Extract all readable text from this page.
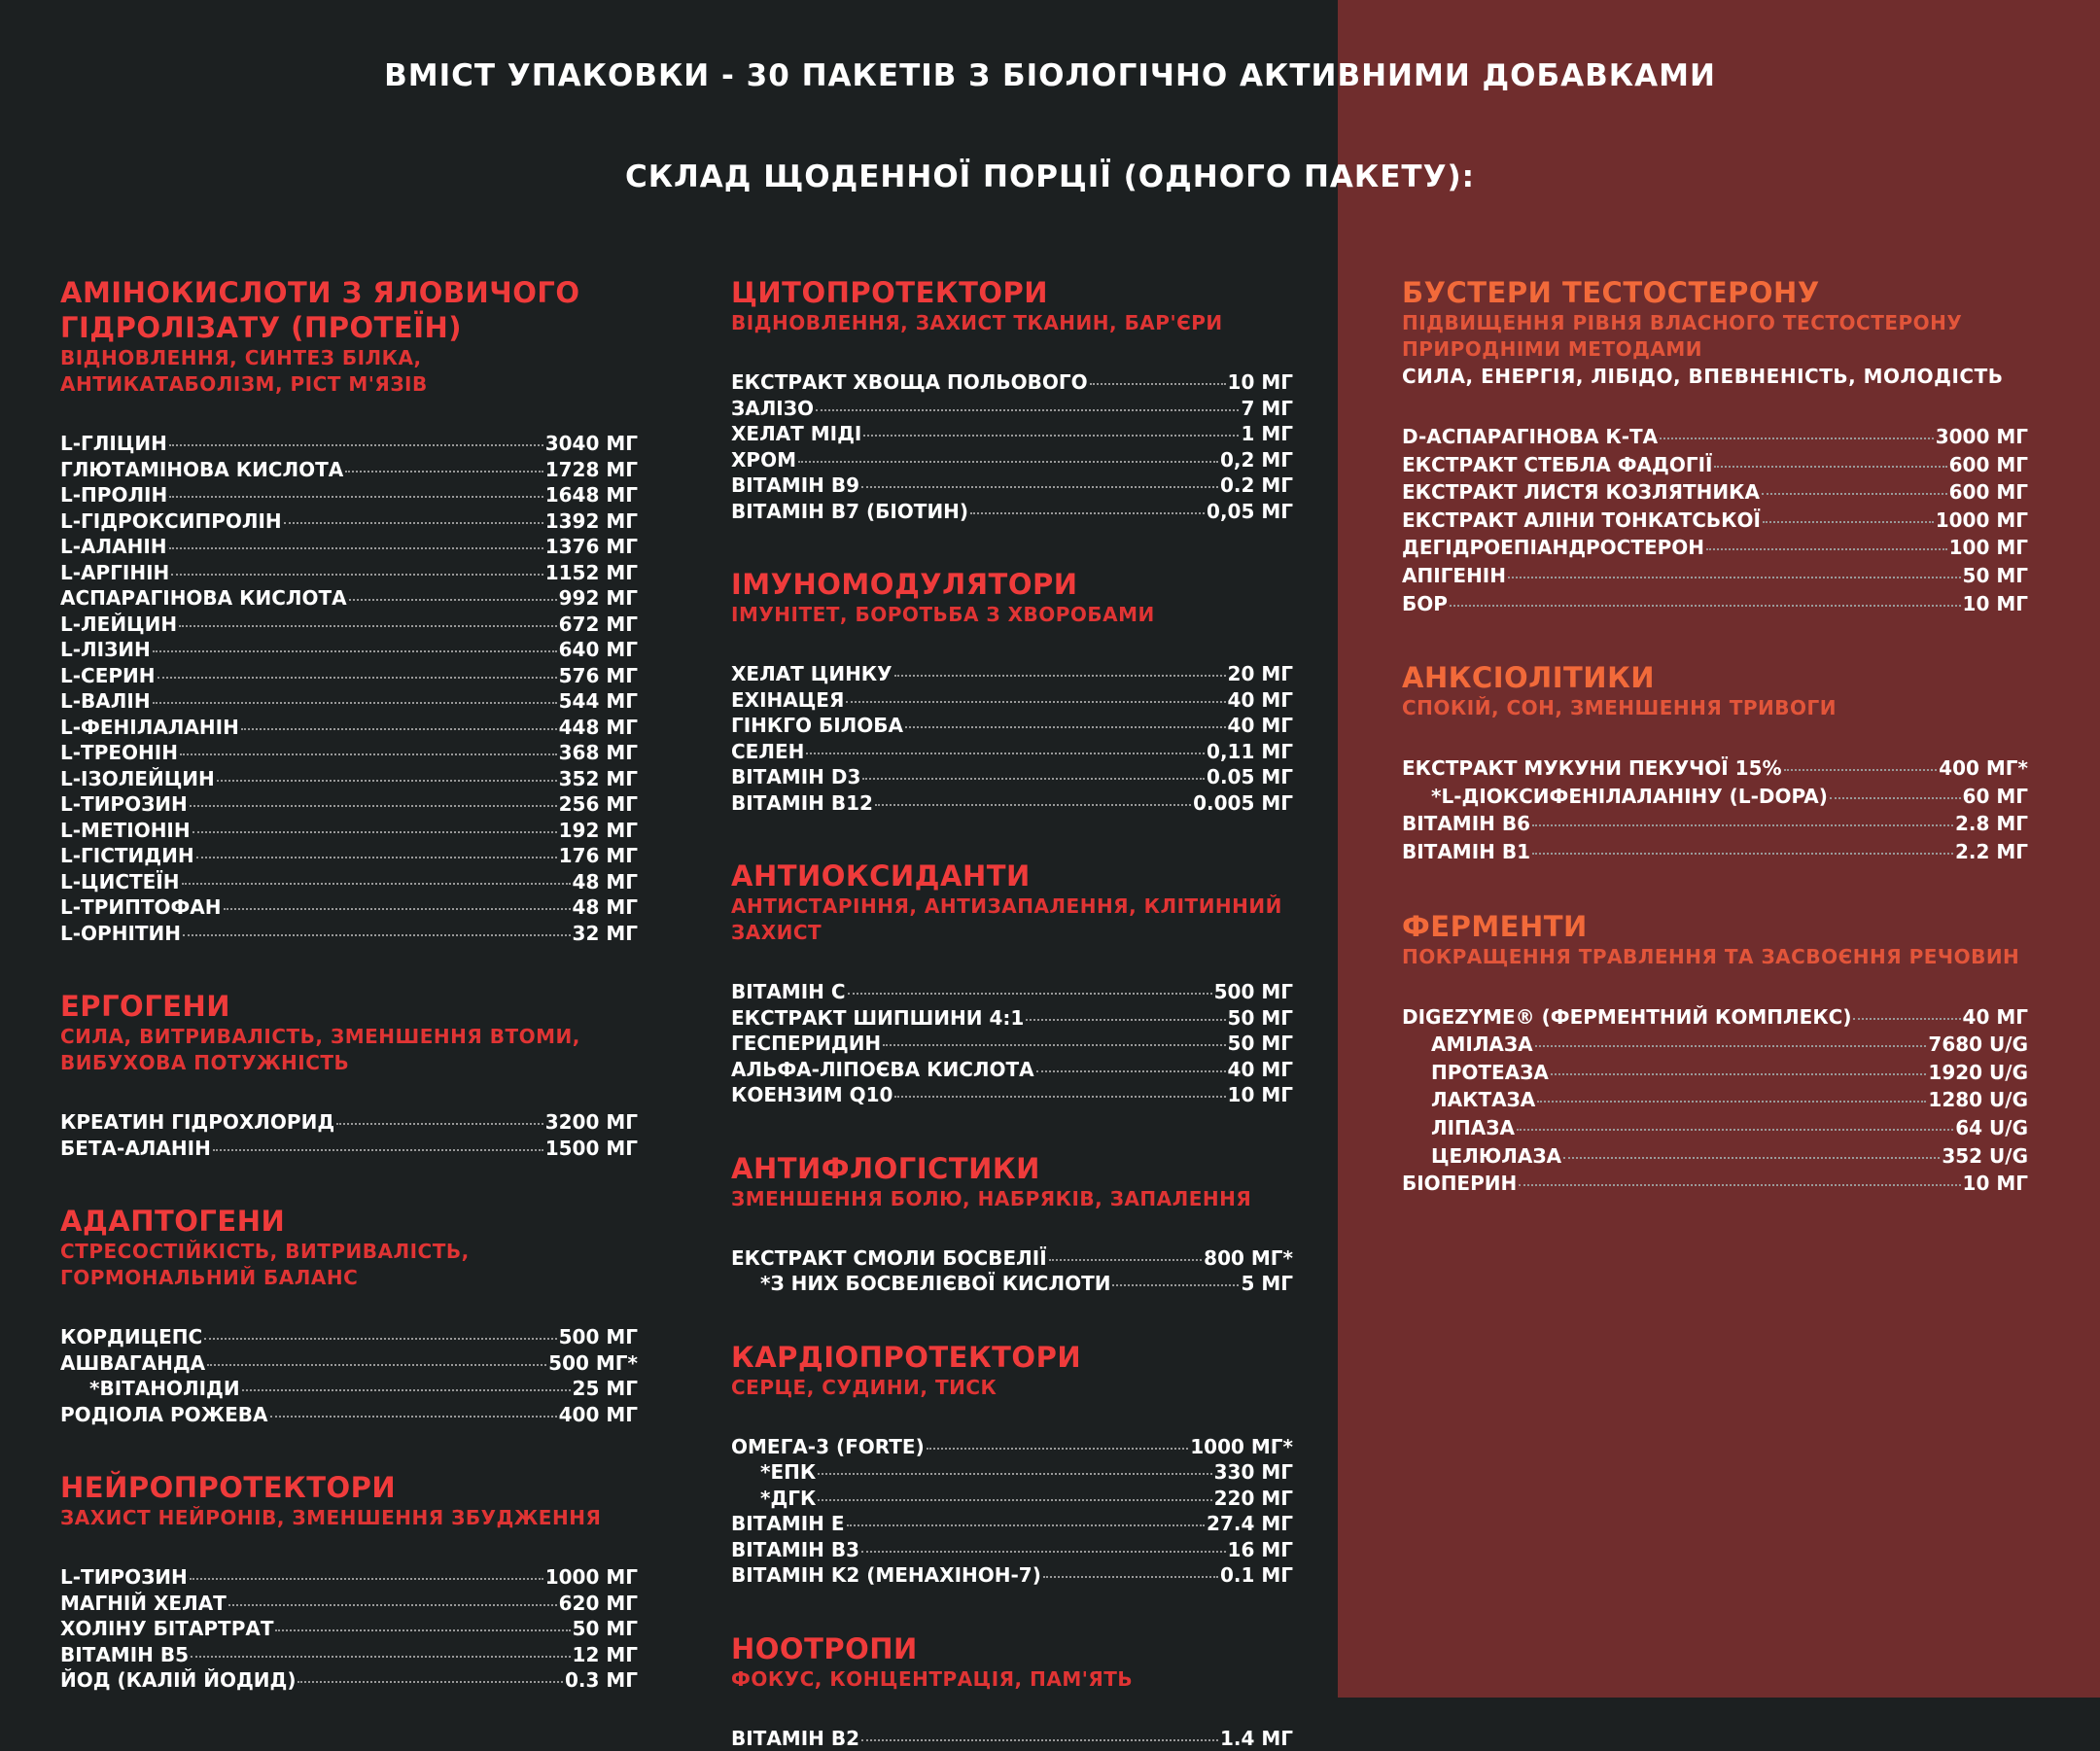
ВМІСТ УПАКОВКИ - 30 ПАКЕТІВ З БІОЛОГІЧНО АКТИВНИМИ ДОБАВКАМИ
СКЛАД ЩОДЕННОЇ ПОРЦІЇ (ОДНОГО ПАКЕТУ):
АМІНОКИСЛОТИ З ЯЛОВИЧОГО ГІДРОЛІЗАТУ (ПРОТЕЇН)
ВІДНОВЛЕННЯ, СИНТЕЗ БІЛКА, АНТИКАТАБОЛІЗМ, РІСТ М'ЯЗІВ
L-ГЛІЦИН	3040 МГ
ГЛЮТАМІНОВА КИСЛОТА	1728 МГ
L-ПРОЛІН	1648 МГ
L-ГІДРОКСИПРОЛІН	1392 МГ
L-АЛАНІН	1376 МГ
L-АРГІНІН	1152 МГ
АСПАРАГІНОВА КИСЛОТА	992 МГ
L-ЛЕЙЦИН	672 МГ
L-ЛІЗИН	640 МГ
L-СЕРИН	576 МГ
L-ВАЛІН	544 МГ
L-ФЕНІЛАЛАНІН	448 МГ
L-ТРЕОНІН	368 МГ
L-ІЗОЛЕЙЦИН	352 МГ
L-ТИРОЗИН	256 МГ
L-МЕТІОНІН	192 МГ
L-ГІСТИДИН	176 МГ
L-ЦИСТЕЇН	48 МГ
L-ТРИПТОФАН	48 МГ
L-ОРНІТИН	32 МГ
ЕРГОГЕНИ
СИЛА, ВИТРИВАЛІСТЬ, ЗМЕНШЕННЯ ВТОМИ, ВИБУХОВА ПОТУЖНІСТЬ
КРЕАТИН ГІДРОХЛОРИД	3200 МГ
БЕТА-АЛАНІН	1500 МГ
АДАПТОГЕНИ
СТРЕСОСТІЙКІСТЬ, ВИТРИВАЛІСТЬ, ГОРМОНАЛЬНИЙ БАЛАНС
КОРДИЦЕПС	500 МГ
АШВАГАНДА	500 МГ*
*ВІТАНОЛІДИ	25 МГ
РОДІОЛА РОЖЕВА	400 МГ
НЕЙРОПРОТЕКТОРИ
ЗАХИСТ НЕЙРОНІВ, ЗМЕНШЕННЯ ЗБУДЖЕННЯ
L-ТИРОЗИН	1000 МГ
МАГНІЙ ХЕЛАТ	620 МГ
ХОЛІНУ БІТАРТРАТ	50 МГ
ВІТАМІН B5	12 МГ
ЙОД (КАЛІЙ ЙОДИД)	0.3 МГ
ЦИТОПРОТЕКТОРИ
ВІДНОВЛЕННЯ, ЗАХИСТ ТКАНИН, БАР'ЄРИ
ЕКСТРАКТ ХВОЩА ПОЛЬОВОГО	10 МГ
ЗАЛІЗО	7 МГ
ХЕЛАТ МІДІ	1 МГ
ХРОМ	0,2 МГ
ВІТАМІН B9	0.2 МГ
ВІТАМІН B7 (БІОТИН)	0,05 МГ
ІМУНОМОДУЛЯТОРИ
ІМУНІТЕТ, БОРОТЬБА З ХВОРОБАМИ
ХЕЛАТ ЦИНКУ	20 МГ
ЕХІНАЦЕЯ	40 МГ
ГІНКГО БІЛОБА	40 МГ
СЕЛЕН	0,11 МГ
ВІТАМІН D3	0.05 МГ
ВІТАМІН B12	0.005 МГ
АНТИОКСИДАНТИ
АНТИСТАРІННЯ, АНТИЗАПАЛЕННЯ, КЛІТИННИЙ ЗАХИСТ
ВІТАМІН C	500 МГ
ЕКСТРАКТ ШИПШИНИ 4:1	50 МГ
ГЕСПЕРИДИН	50 МГ
АЛЬФА-ЛІПОЄВА КИСЛОТА	40 МГ
КОЕНЗИМ Q10	10 МГ
АНТИФЛОГІСТИКИ
ЗМЕНШЕННЯ БОЛЮ, НАБРЯКІВ, ЗАПАЛЕННЯ
ЕКСТРАКТ СМОЛИ БОСВЕЛІЇ	800 МГ*
*З НИХ БОСВЕЛІЄВОЇ КИСЛОТИ	5 МГ
КАРДІОПРОТЕКТОРИ
СЕРЦЕ, СУДИНИ, ТИСК
ОМЕГА-3 (FORTE)	1000 МГ*
*ЕПК	330 МГ
*ДГК	220 МГ
ВІТАМІН E	27.4 МГ
ВІТАМІН B3	16 МГ
ВІТАМІН K2 (МЕНАХІНОН-7)	0.1 МГ
НООТРОПИ
ФОКУС, КОНЦЕНТРАЦІЯ, ПАМ'ЯТЬ
ВІТАМІН B2	1.4 МГ
БУСТЕРИ ТЕСТОСТЕРОНУ
ПІДВИЩЕННЯ РІВНЯ ВЛАСНОГО ТЕСТОСТЕРОНУ ПРИРОДНІМИ МЕТОДАМИ
СИЛА, ЕНЕРГІЯ, ЛІБІДО, ВПЕВНЕНІСТЬ, МОЛОДІСТЬ
D-АСПАРАГІНОВА К-ТА	3000 МГ
ЕКСТРАКТ СТЕБЛА ФАДОГІЇ	600 МГ
ЕКСТРАКТ ЛИСТЯ КОЗЛЯТНИКА	600 МГ
ЕКСТРАКТ АЛІНИ ТОНКАТСЬКОЇ	1000 МГ
ДЕГІДРОЕПІАНДРОСТЕРОН	100 МГ
АПІГЕНІН	50 МГ
БОР	10 МГ
АНКСІОЛІТИКИ
СПОКІЙ, СОН, ЗМЕНШЕННЯ ТРИВОГИ
ЕКСТРАКТ МУКУНИ ПЕКУЧОЇ 15%	400 МГ*
*L-ДІОКСИФЕНІЛАЛАНІНУ (L-DOPA)	60 МГ
ВІТАМІН B6	2.8 МГ
ВІТАМІН B1	2.2 МГ
ФЕРМЕНТИ
ПОКРАЩЕННЯ ТРАВЛЕННЯ ТА ЗАСВОЄННЯ РЕЧОВИН
DIGEZYME® (ФЕРМЕНТНИЙ КОМПЛЕКС)	40 МГ
АМІЛАЗА	7680 U/G
ПРОТЕАЗА	1920 U/G
ЛАКТАЗА	1280 U/G
ЛІПАЗА	64 U/G
ЦЕЛЮЛАЗА	352 U/G
БІОПЕРИН	10 МГ
